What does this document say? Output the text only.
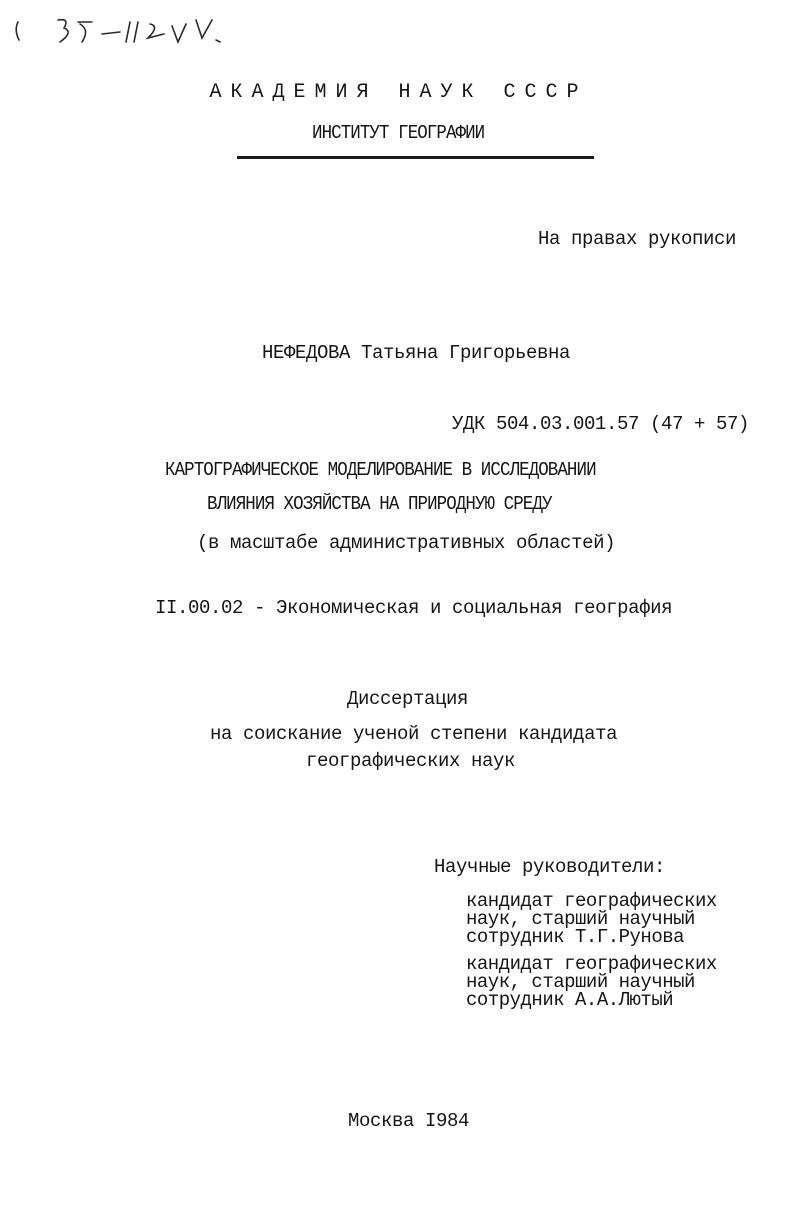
АКАДЕМИЯ НАУК СССР
ИНСТИТУТ ГЕОГРАФИИ
На правах рукописи
НЕФЕДОВА Татьяна Григорьевна
УДК 504.03.001.57 (47 + 57)
КАРТОГРАФИЧЕСКОЕ МОДЕЛИРОВАНИЕ В ИССЛЕДОВАНИИ
ВЛИЯНИЯ ХОЗЯЙСТВА НА ПРИРОДНУЮ СРЕДУ
(в масштабе административных областей)
II.00.02 - Экономическая и социальная география
Диссертация
на соискание ученой степени кандидата
географических наук
Научные руководители:
кандидат географических
наук, старший научный
сотрудник Т.Г.Рунова
кандидат географических
наук, старший научный
сотрудник А.А.Лютый
Москва I984
